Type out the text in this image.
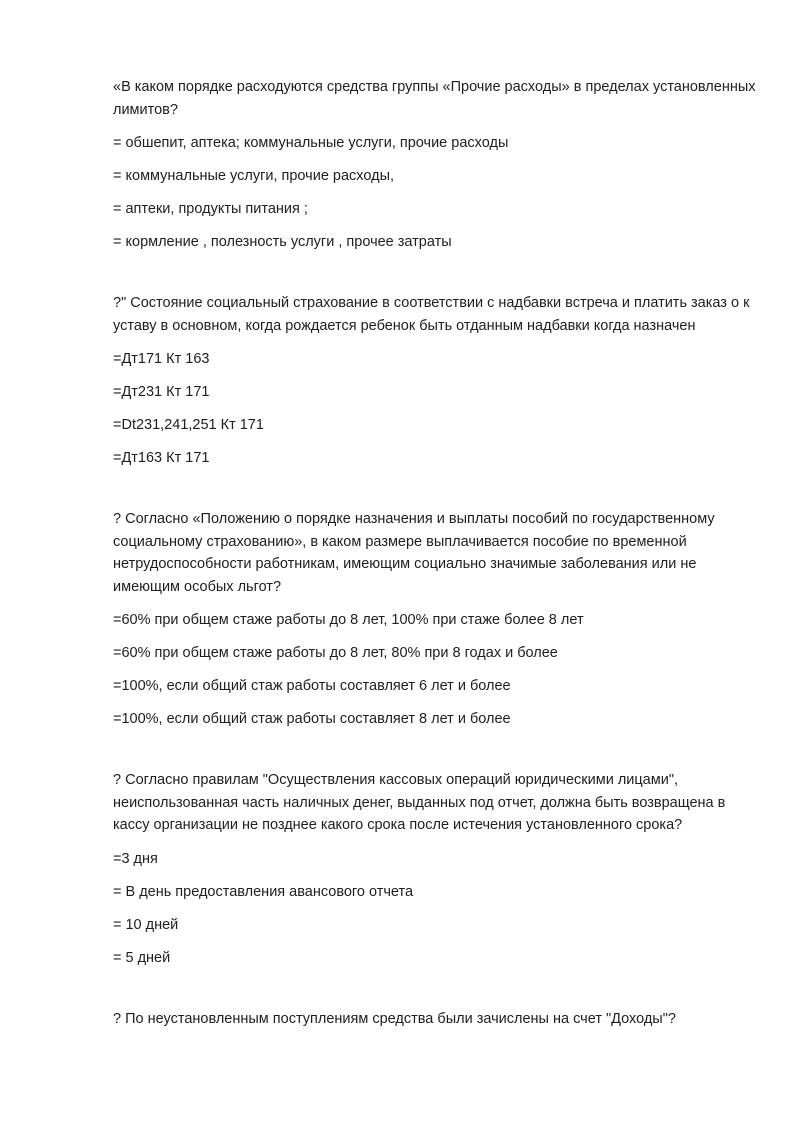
«В каком порядке расходуются средства группы «Прочие расходы» в пределах установленных лимитов?

= обшепит, аптека; коммунальные услуги, прочие расходы

= коммунальные услуги, прочие расходы,

= аптеки, продукты питания ;

= кормление , полезность услуги , прочее затраты

?" Состояние социальный страхование в соответствии с надбавки встреча и платить заказ о к уставу в основном, когда рождается ребенок быть отданным надбавки когда назначен

=Дт171 Кт 163

=Дт231 Кт 171

=Dt231,241,251 Кт 171

=Дт163 Кт 171

? Согласно «Положению о порядке назначения и выплаты пособий по государственному социальному страхованию», в каком размере выплачивается пособие по временной нетрудоспособности работникам, имеющим социально значимые заболевания или не имеющим особых льгот?

=60% при общем стаже работы до 8 лет, 100% при стаже более 8 лет

=60% при общем стаже работы до 8 лет, 80% при 8 годах и более

=100%, если общий стаж работы составляет 6 лет и более

=100%, если общий стаж работы составляет 8 лет и более

? Согласно правилам "Осуществления кассовых операций юридическими лицами", неиспользованная часть наличных денег, выданных под отчет, должна быть возвращена в кассу организации не позднее какого срока после истечения установленного срока?

=3 дня

= В день предоставления авансового отчета

= 10 дней

= 5 дней

? По неустановленным поступлениям средства были зачислены на счет "Доходы"?
